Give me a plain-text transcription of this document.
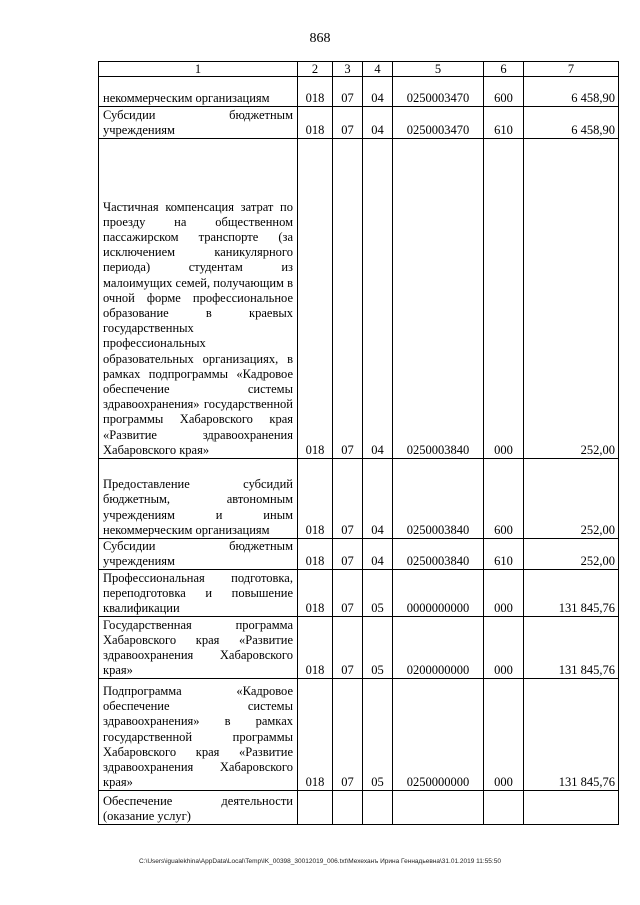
868
1	2	3	4	5	6	7
некоммерческим организациям	018	07	04	0250003470	600	6 458,90
Субсидии бюджетным учреждениям	018	07	04	0250003470	610	6 458,90
Частичная компенсация затрат по проезду на общественном пассажирском транспорте (за исключением каникулярного периода) студентам из малоимущих семей, получающим в очной форме профессиональное образование в краевых государственных профессиональных образовательных организациях, в рамках подпрограммы «Кадровое обеспечение системы здравоохранения» государственной программы Хабаровского края «Развитие здравоохранения Хабаровского края»	018	07	04	0250003840	000	252,00
Предоставление субсидий бюджетным, автономным учреждениям и иным некоммерческим организациям	018	07	04	0250003840	600	252,00
Субсидии бюджетным учреждениям	018	07	04	0250003840	610	252,00
Профессиональная подготовка, переподготовка и повышение квалификации	018	07	05	0000000000	000	131 845,76
Государственная программа Хабаровского края «Развитие здравоохранения Хабаровского края»	018	07	05	0200000000	000	131 845,76
Подпрограмма «Кадровое обеспечение системы здравоохранения» в рамках государственной программы Хабаровского края «Развитие здравоохранения Хабаровского края»	018	07	05	0250000000	000	131 845,76
Обеспечение деятельности (оказание услуг)						
C:\Users\igualekhina\AppData\Local\Temp\IK_00398_30012019_006.txt\Мехеханъ Ирина Геннадьевна\31.01.2019 11:55:50
